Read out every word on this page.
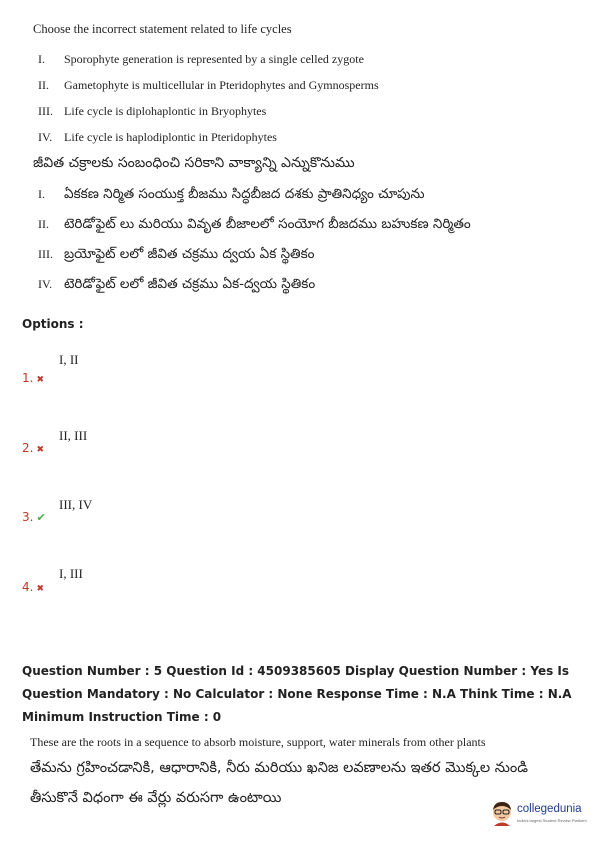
Choose the incorrect statement related to life cycles
I. Sporophyte generation is represented by a single celled zygote
II. Gametophyte is multicellular in Pteridophytes and Gymnosperms
III. Life cycle is diplohaplontic in Bryophytes
IV. Life cycle is haplodiplontic in Pteridophytes
జీవిత చక్రాలకు సంబంధించి సరికాని వాక్యాన్ని ఎన్నుకొనుము
I. ఏకకణ నిర్మిత సంయుక్త బీజము సిద్ధబీజద దశకు ప్రాతినిధ్యం చూపును
II. టెరిడోఫైట్ లు మరియు వివృత బీజాలలో సంయోగ బీజదము బహుకణ నిర్మితం
III. బ్రయోఫైట్ లలో జీవిత చక్రము ద్వయ ఏక స్థితికం
IV. టెరిడోఫైట్ లలో జీవిత చక్రము ఏక-ద్వయ స్థితికం
Options :
I, II
1. ✖
II, III
2. ✖
III, IV
3. ✔
I, III
4. ✖
Question Number : 5 Question Id : 4509385605 Display Question Number : Yes Is Question Mandatory : No Calculator : None Response Time : N.A Think Time : N.A Minimum Instruction Time : 0
These are the roots in a sequence to absorb moisture, support, water minerals from other plants
తేమను గ్రహించడానికి, ఆధారానికి, నీరు మరియు ఖనిజ లవణాలను ఇతర మొక్కల నుండి
తీసుకొనే విధంగా ఈ వేర్లు వరుసగా ఉంటాయి
collegedunia
India's largest Student Review Platform
